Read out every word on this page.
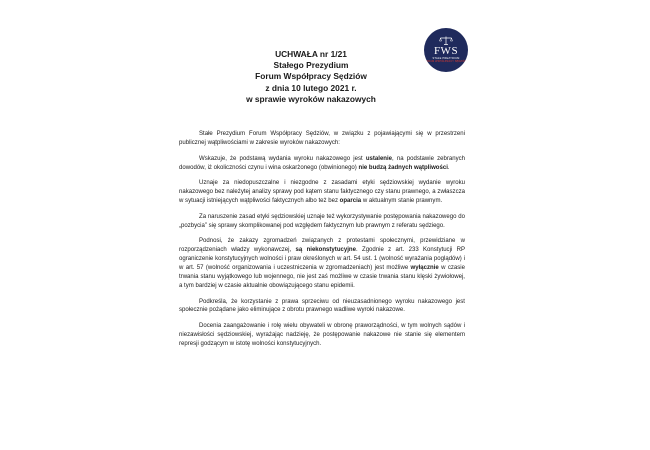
FWS
STAŁE PREZYDIUM
FORUM WSPÓŁPRACY SĘDZIÓW
UCHWAŁA nr 1/21
Stałego Prezydium
Forum Współpracy Sędziów
z dnia 10 lutego 2021 r.
w sprawie wyroków nakazowych

Stałe Prezydium Forum Współpracy Sędziów, w związku z pojawiającymi się w przestrzeni publicznej wątpliwościami w zakresie wyroków nakazowych:

Wskazuje, że podstawą wydania wyroku nakazowego jest ustalenie, na podstawie zebranych dowodów, iż okoliczności czynu i wina oskarżonego (obwinionego) nie budzą żadnych wątpliwości.

Uznaje za niedopuszczalne i niezgodne z zasadami etyki sędziowskiej wydanie wyroku nakazowego bez należytej analizy sprawy pod kątem stanu faktycznego czy stanu prawnego, a zwłaszcza w sytuacji istniejących wątpliwości faktycznych albo też bez oparcia w aktualnym stanie prawnym.

Za naruszenie zasad etyki sędziowskiej uznaje też wykorzystywanie postępowania nakazowego do „pozbycia” się sprawy skomplikowanej pod względem faktycznym lub prawnym z referatu sędziego.

Podnosi, że zakazy zgromadzeń związanych z protestami społecznymi, przewidziane w rozporządzeniach władzy wykonawczej, są niekonstytucyjne. Zgodnie z art. 233 Konstytucji RP ograniczenie konstytucyjnych wolności i praw określonych w art. 54 ust. 1 (wolność wyrażania poglądów) i w art. 57 (wolność organizowania i uczestniczenia w zgromadzeniach) jest możliwe wyłącznie w czasie trwania stanu wyjątkowego lub wojennego, nie jest zaś możliwe w czasie trwania stanu klęski żywiołowej, a tym bardziej w czasie aktualnie obowiązującego stanu epidemii.

Podkreśla, że korzystanie z prawa sprzeciwu od nieuzasadnionego wyroku nakazowego jest społecznie pożądane jako eliminujące z obrotu prawnego wadliwe wyroki nakazowe.

Docenia zaangażowanie i rolę wielu obywateli w obronę praworządności, w tym wolnych sądów i niezawisłości sędziowskiej, wyrażając nadzieję, że postępowanie nakazowe nie stanie się elementem represji godzącym w istotę wolności konstytucyjnych.
